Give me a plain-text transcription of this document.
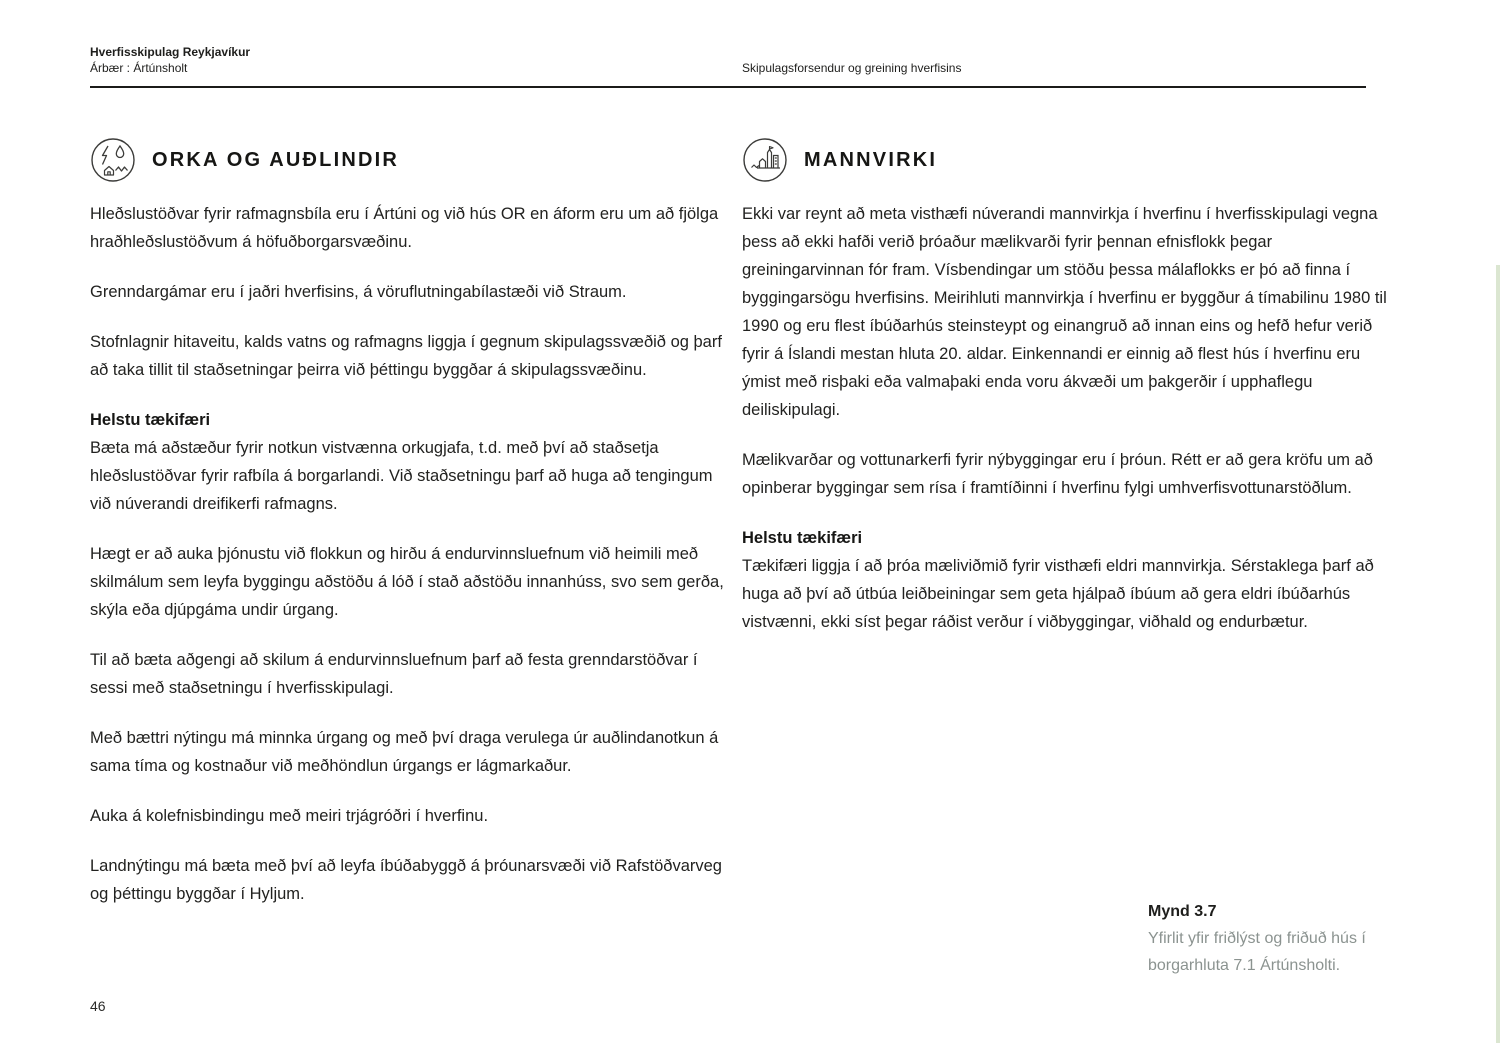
Hverfisskipulag Reykjavíkur
Árbær : Ártúnsholt	Skipulagsforsendur og greining hverfisins
ORKA OG AUÐLINDIR

Hleðslustöðvar fyrir rafmagnsbíla eru í Ártúni og við hús OR en áform eru um að fjölga hraðhleðslustöðvum á höfuðborgarsvæðinu.

Grenndargámar eru í jaðri hverfisins, á vöruflutningabílastæði við Straum.

Stofnlagnir hitaveitu, kalds vatns og rafmagns liggja í gegnum skipulagssvæðið og þarf að taka tillit til staðsetningar þeirra við þéttingu byggðar á skipulagssvæðinu.

Helstu tækifæri

Bæta má aðstæður fyrir notkun vistvænna orkugjafa, t.d. með því að staðsetja hleðslustöðvar fyrir rafbíla á borgarlandi. Við staðsetningu þarf að huga að tengingum við núverandi dreifikerfi rafmagns.

Hægt er að auka þjónustu við flokkun og hirðu á endurvinnsluefnum við heimili með skilmálum sem leyfa byggingu aðstöðu á lóð í stað aðstöðu innanhúss, svo sem gerða, skýla eða djúpgáma undir úrgang.

Til að bæta aðgengi að skilum á endurvinnsluefnum þarf að festa grenndarstöðvar í sessi með staðsetningu í hverfisskipulagi.

Með bættri nýtingu má minnka úrgang og með því draga verulega úr auðlindanotkun á sama tíma og kostnaður við meðhöndlun úrgangs er lágmarkaður.

Auka á kolefnisbindingu með meiri trjágróðri í hverfinu.

Landnýtingu má bæta með því að leyfa íbúðabyggð á þróunarsvæði við Rafstöðvarveg og þéttingu byggðar í Hyljum.

MANNVIRKI

Ekki var reynt að meta visthæfi núverandi mannvirkja í hverfinu í hverfisskipulagi vegna þess að ekki hafði verið þróaður mælikvarði fyrir þennan efnisflokk þegar greiningarvinnan fór fram. Vísbendingar um stöðu þessa málaflokks er þó að finna í byggingarsögu hverfisins. Meirihluti mannvirkja í hverfinu er byggður á tímabilinu 1980 til 1990 og eru flest íbúðarhús steinsteypt og einangruð að innan eins og hefð hefur verið fyrir á Íslandi mestan hluta 20. aldar. Einkennandi er einnig að flest hús í hverfinu eru ýmist með risþaki eða valmaþaki enda voru ákvæði um þakgerðir í upphaflegu deiliskipulagi.

Mælikvarðar og vottunarkerfi fyrir nýbyggingar eru í þróun. Rétt er að gera kröfu um að opinberar byggingar sem rísa í framtíðinni í hverfinu fylgi umhverfisvottunarstöðlum.

Helstu tækifæri

Tækifæri liggja í að þróa mæliviðmið fyrir visthæfi eldri mannvirkja. Sérstaklega þarf að huga að því að útbúa leiðbeiningar sem geta hjálpað íbúum að gera eldri íbúðarhús vistvænni, ekki síst þegar ráðist verður í viðbyggingar, viðhald og endurbætur.

Mynd 3.7
Yfirlit yfir friðlýst og friðuð hús í borgarhluta 7.1 Ártúnsholti.
46
